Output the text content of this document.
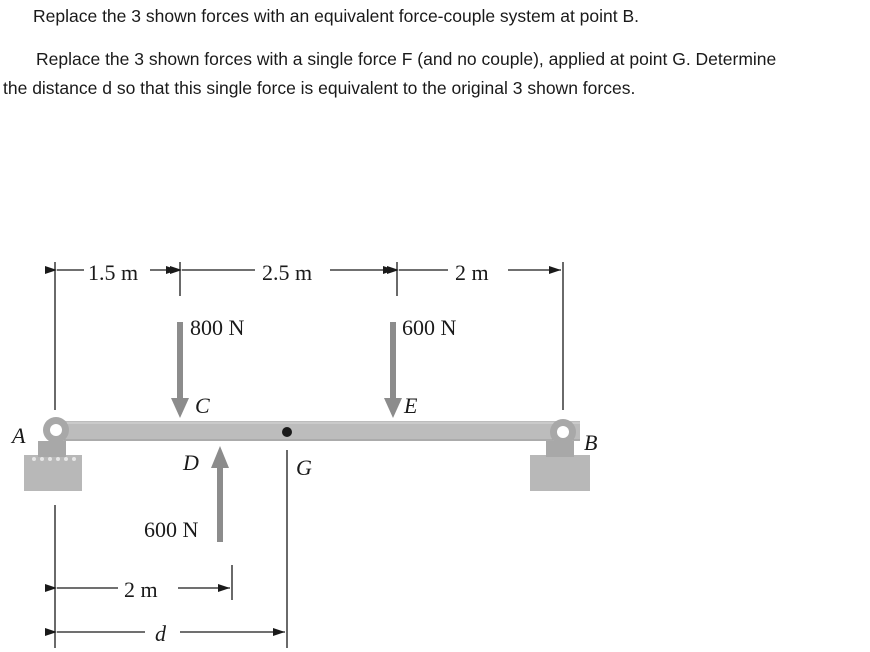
Replace the 3 shown forces with an equivalent force-couple system at point B.
Replace the 3 shown forces with a single force F (and no couple), applied at point G. Determine
the distance d so that this single force is equivalent to the original 3 shown forces.
1.5 m	2.5 m	2 m
800 N
C
600 N
E
A	B
G
D
600 N
2 m
d
